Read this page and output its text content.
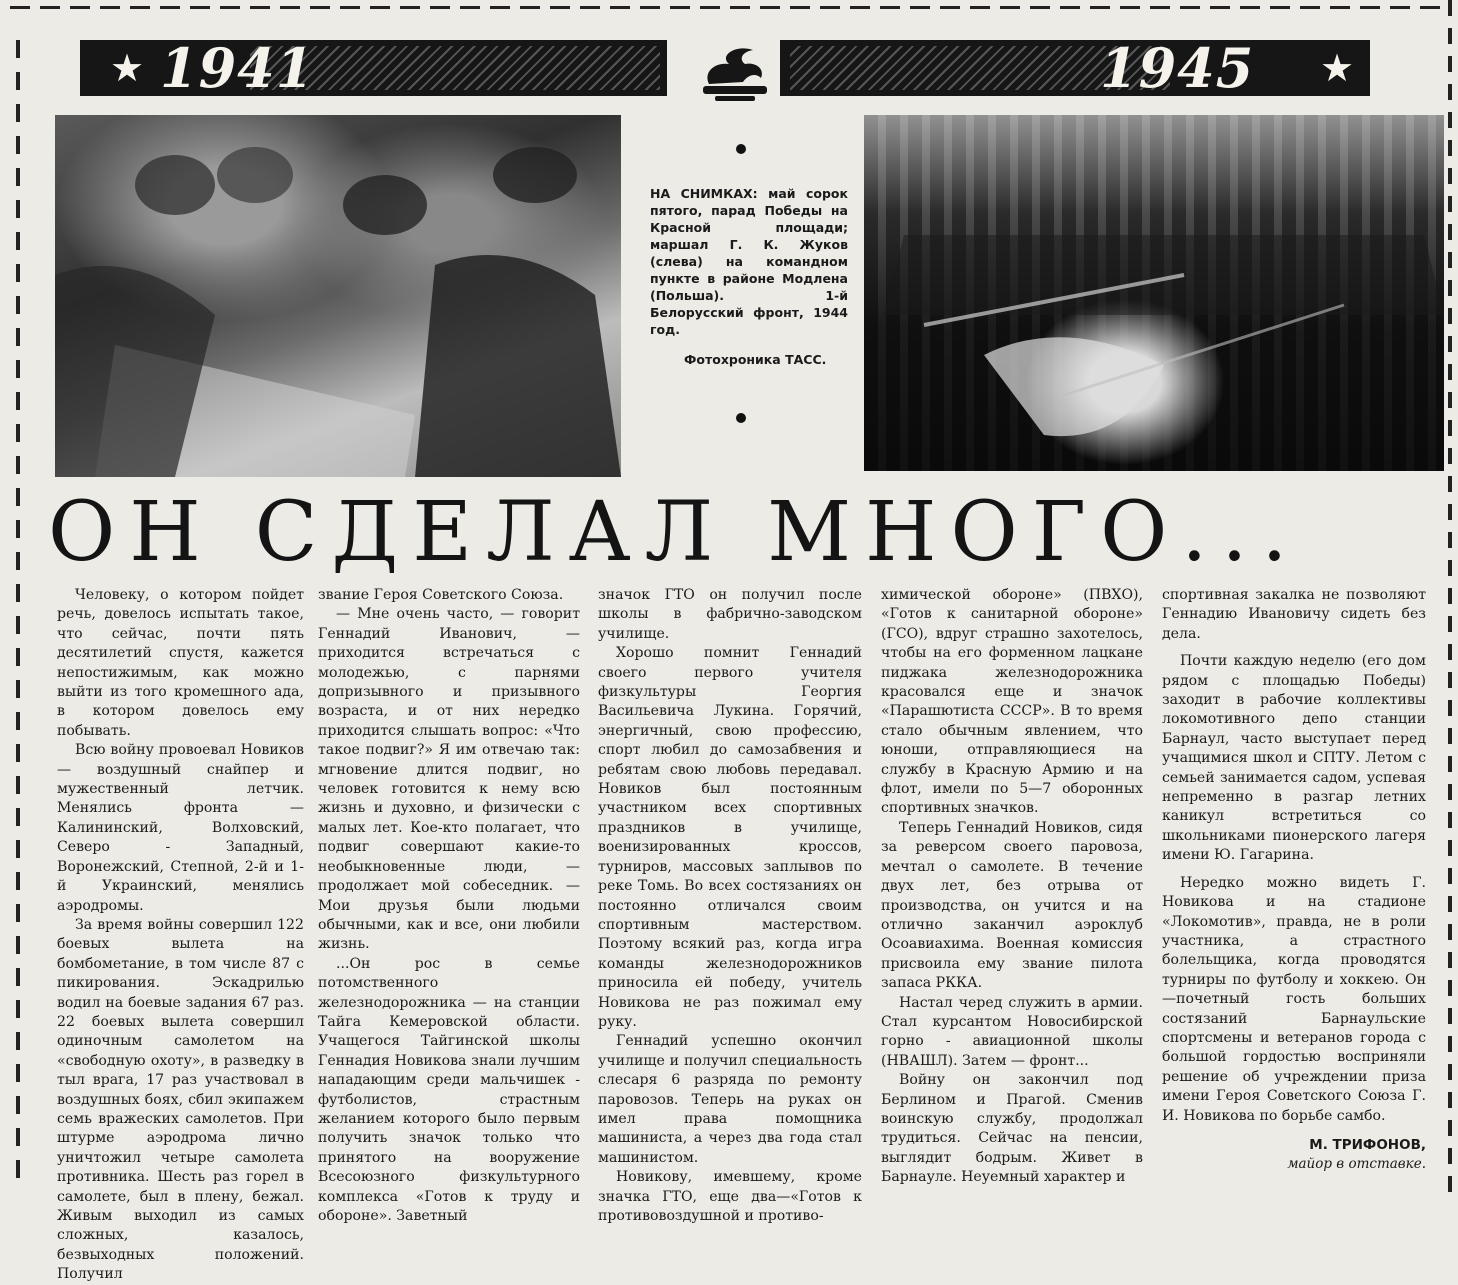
★ 1941	1945 ★
НА СНИМКАХ: май сорок пятого, парад Победы на Красной площади; маршал Г. К. Жуков (слева) на командном пункте в районе Модлена (Польша). 1-й Белорусский фронт, 1944 год.
Фотохроника ТАСС.
ОН СДЕЛАЛ МНОГО...

Человеку, о котором пойдет речь, довелось испытать такое, что сейчас, почти пять десятилетий спустя, кажется непостижимым, как можно выйти из того кромешного ада, в котором довелось ему побывать.

Всю войну провоевал Новиков — воздушный снайпер и мужественный летчик. Менялись фронта — Калининский, Волховский, Северо - Западный, Воронежский, Степной, 2-й и 1-й Украинский, менялись аэродромы.

За время войны совершил 122 боевых вылета на бомбометание, в том числе 87 с пикирования. Эскадрилью водил на боевые задания 67 раз. 22 боевых вылета совершил одиночным самолетом на «свободную охоту», в разведку в тыл врага, 17 раз участвовал в воздушных боях, сбил экипажем семь вражеских самолетов. При штурме аэродрома лично уничтожил четыре самолета противника. Шесть раз горел в самолете, был в плену, бежал. Живым выходил из самых сложных, казалось, безвыходных положений. Получил

звание Героя Советского Союза.

— Мне очень часто, — говорит Геннадий Иванович, — приходится встречаться с молодежью, с парнями допризывного и призывного возраста, и от них нередко приходится слышать вопрос: «Что такое подвиг?» Я им отвечаю так: мгновение длится подвиг, но человек готовится к нему всю жизнь и духовно, и физически с малых лет. Кое-кто полагает, что подвиг совершают какие-то необыкновенные люди, — продолжает мой собеседник. — Мои друзья были людьми обычными, как и все, они любили жизнь.

...Он рос в семье потомственного железнодорожника — на станции Тайга Кемеровской области. Учащегося Тайгинской школы Геннадия Новикова знали лучшим нападающим среди мальчишек - футболистов, страстным желанием которого было первым получить значок только что принятого на вооружение Всесоюзного физкультурного комплекса «Готов к труду и обороне». Заветный

значок ГТО он получил после школы в фабрично-заводском училище.

Хорошо помнит Геннадий своего первого учителя физкультуры Георгия Васильевича Лукина. Горячий, энергичный, свою профессию, спорт любил до самозабвения и ребятам свою любовь передавал. Новиков был постоянным участником всех спортивных праздников в училище, военизированных кроссов, турниров, массовых заплывов по реке Томь. Во всех состязаниях он постоянно отличался своим спортивным мастерством. Поэтому всякий раз, когда игра команды железнодорожников приносила ей победу, учитель Новикова не раз пожимал ему руку.

Геннадий успешно окончил училище и получил специальность слесаря 6 разряда по ремонту паровозов. Теперь на руках он имел права помощника машиниста, а через два года стал машинистом.

Новикову, имевшему, кроме значка ГТО, еще два—«Готов к противовоздушной и противо-

химической обороне» (ПВХО), «Готов к санитарной обороне» (ГСО), вдруг страшно захотелось, чтобы на его форменном лацкане пиджака железнодорожника красовался еще и значок «Парашютиста СССР». В то время стало обычным явлением, что юноши, отправляющиеся на службу в Красную Армию и на флот, имели по 5—7 оборонных спортивных значков.

Теперь Геннадий Новиков, сидя за реверсом своего паровоза, мечтал о самолете. В течение двух лет, без отрыва от производства, он учится и на отлично заканчил аэроклуб Осоавиахима. Военная комиссия присвоила ему звание пилота запаса РККА.

Настал черед служить в армии. Стал курсантом Новосибирской горно - авиационной школы (НВАШЛ). Затем — фронт...

Войну он закончил под Берлином и Прагой. Сменив воинскую службу, продолжал трудиться. Сейчас на пенсии, выглядит бодрым. Живет в Барнауле. Неуемный характер и

спортивная закалка не позволяют Геннадию Ивановичу сидеть без дела.

Почти каждую неделю (его дом рядом с площадью Победы) заходит в рабочие коллективы локомотивного депо станции Барнаул, часто выступает перед учащимися школ и СПТУ. Летом с семьей занимается садом, успевая непременно в разгар летних каникул встретиться со школьниками пионерского лагеря имени Ю. Гагарина.

Нередко можно видеть Г. Новикова и на стадионе «Локомотив», правда, не в роли участника, а страстного болельщика, когда проводятся турниры по футболу и хоккею. Он—почетный гость больших состязаний Барнаульские спортсмены и ветеранов города с большой гордостью восприняли решение об учреждении приза имени Героя Советского Союза Г. И. Новикова по борьбе самбо.

М. ТРИФОНОВ,
майор в отставке.
